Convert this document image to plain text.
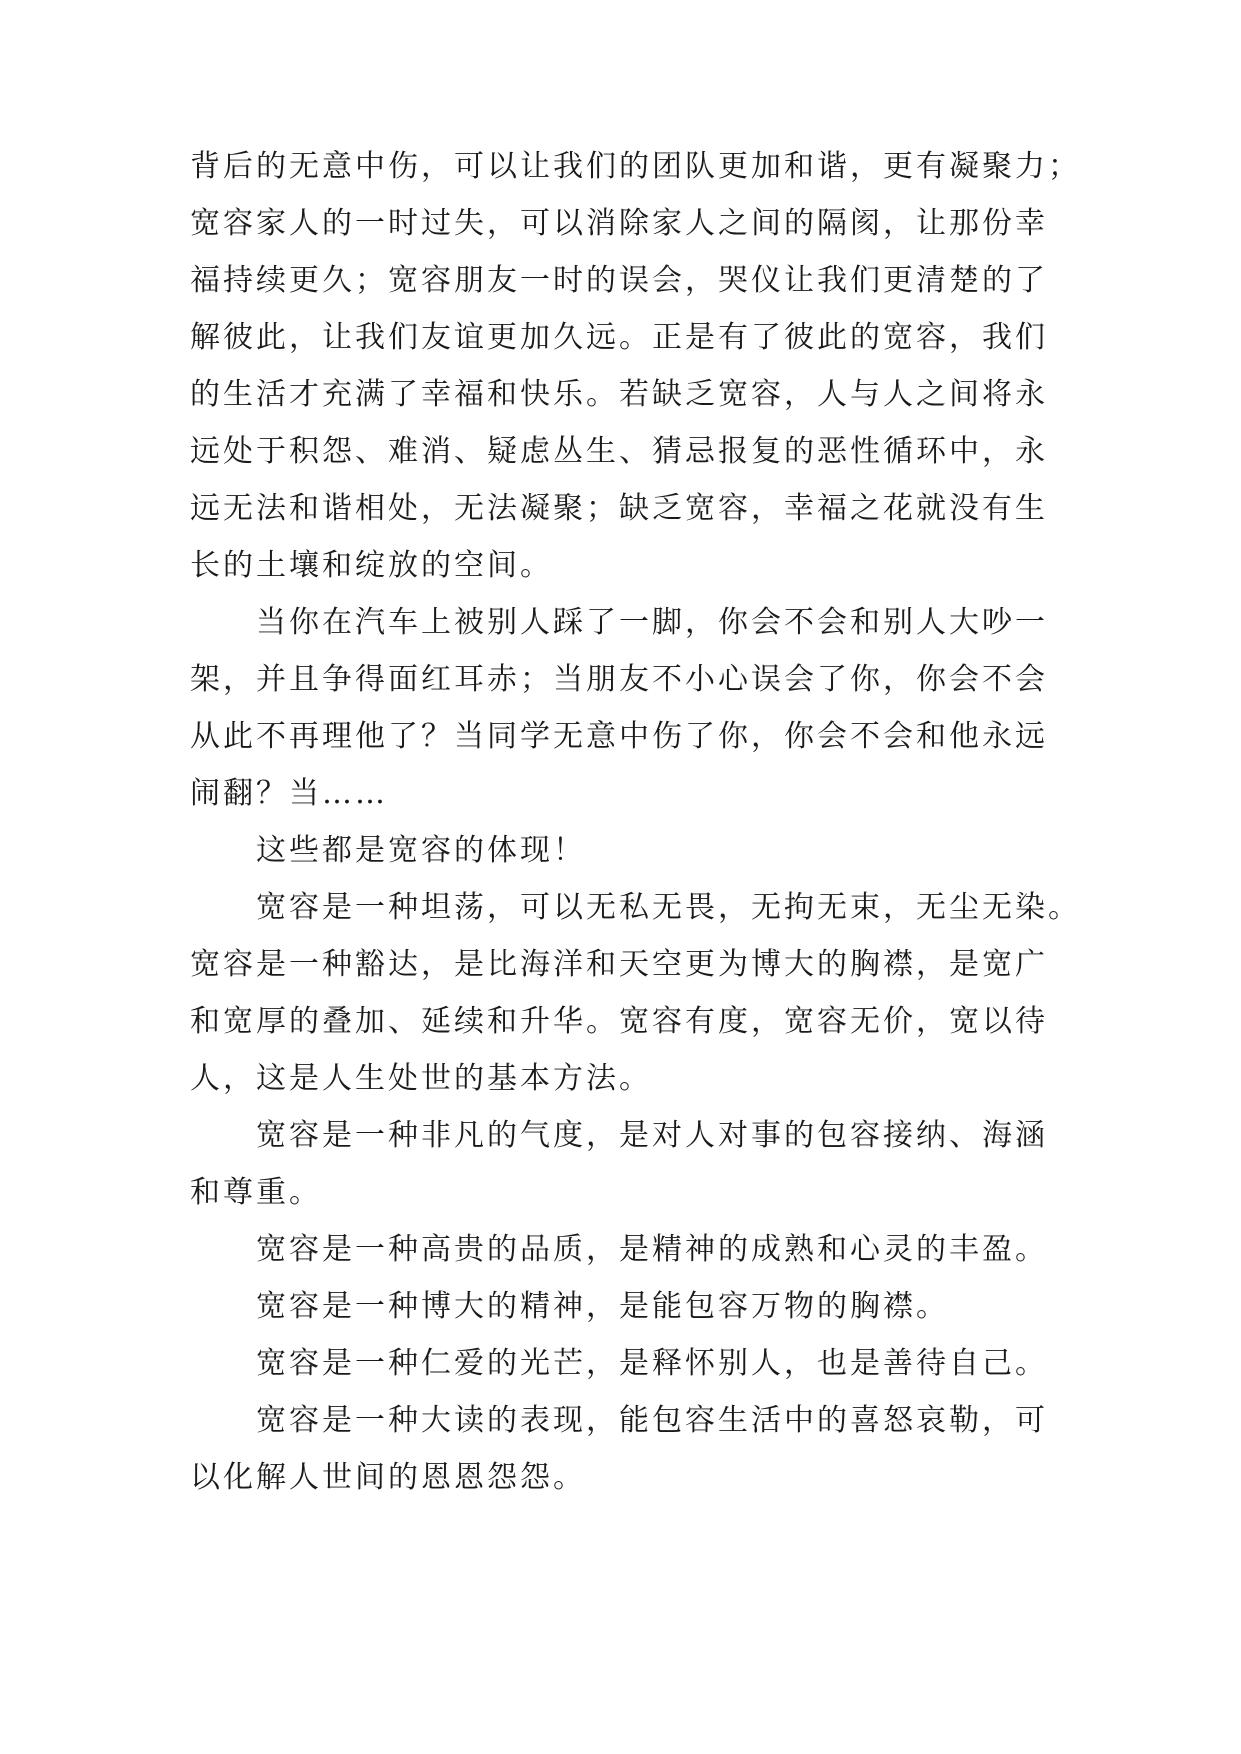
背后的无意中伤，可以让我们的团队更加和谐，更有凝聚力；
宽容家人的一时过失，可以消除家人之间的隔阂，让那份幸
福持续更久；宽容朋友一时的误会，哭仪让我们更清楚的了
解彼此，让我们友谊更加久远。正是有了彼此的宽容，我们
的生活才充满了幸福和快乐。若缺乏宽容，人与人之间将永
远处于积怨、难消、疑虑丛生、猜忌报复的恶性循环中，永
远无法和谐相处，无法凝聚；缺乏宽容，幸福之花就没有生
长的土壤和绽放的空间。
当你在汽车上被别人踩了一脚，你会不会和别人大吵一
架，并且争得面红耳赤；当朋友不小心误会了你，你会不会
从此不再理他了？当同学无意中伤了你，你会不会和他永远
闹翻？当……
这些都是宽容的体现！
宽容是一种坦荡，可以无私无畏，无拘无束，无尘无染。
宽容是一种豁达，是比海洋和天空更为博大的胸襟，是宽广
和宽厚的叠加、延续和升华。宽容有度，宽容无价，宽以待
人，这是人生处世的基本方法。
宽容是一种非凡的气度，是对人对事的包容接纳、海涵
和尊重。
宽容是一种高贵的品质，是精神的成熟和心灵的丰盈。
宽容是一种博大的精神，是能包容万物的胸襟。
宽容是一种仁爱的光芒，是释怀别人，也是善待自己。
宽容是一种大读的表现，能包容生活中的喜怒哀勒，可
以化解人世间的恩恩怨怨。
